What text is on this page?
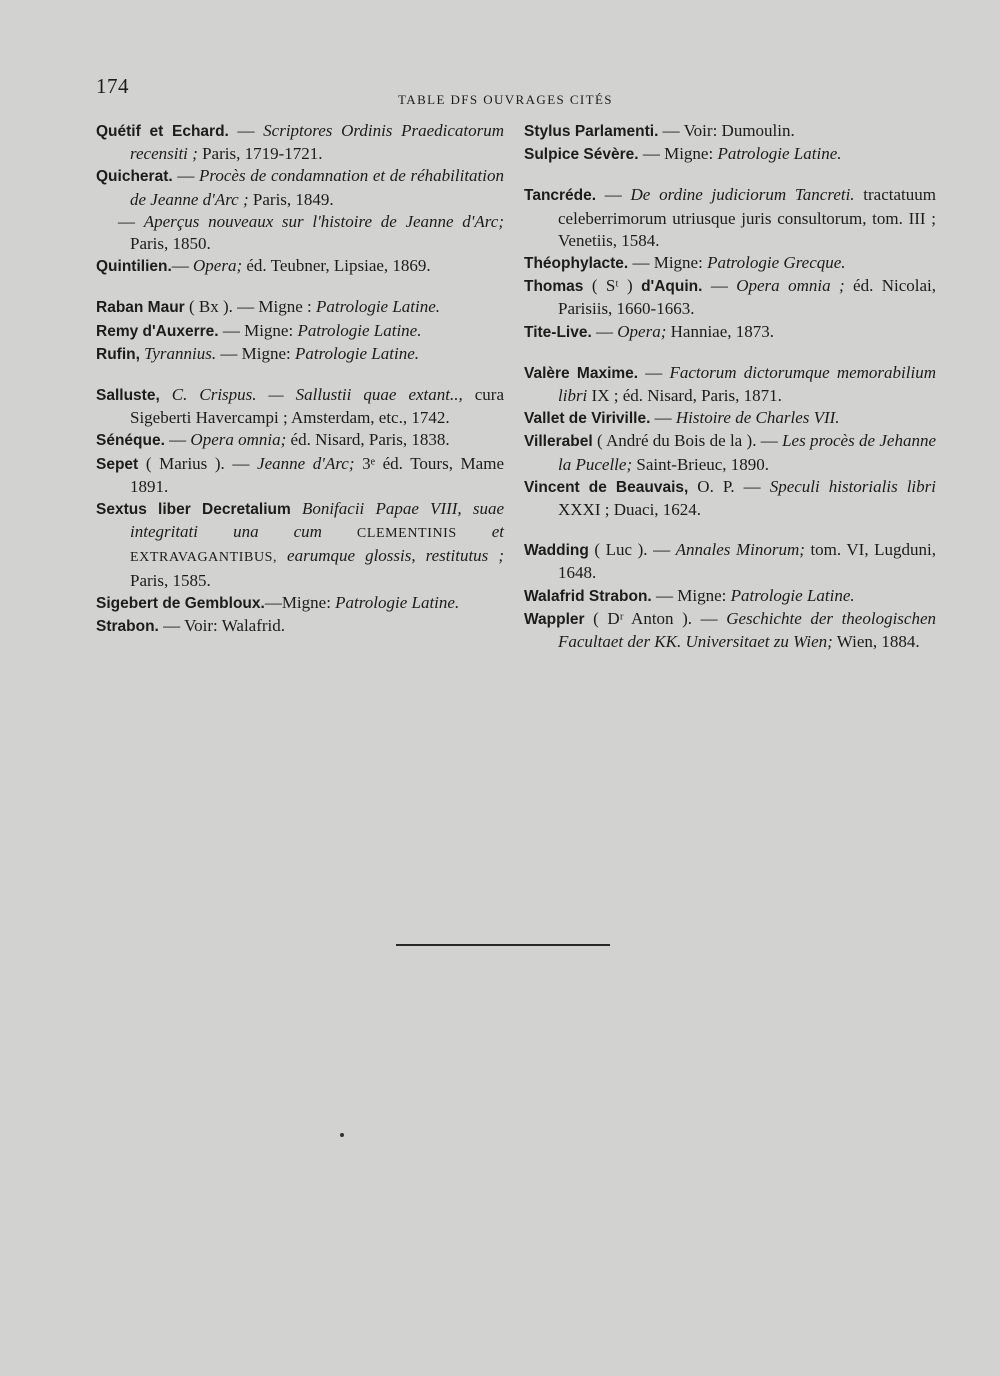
174
TABLE DFS OUVRAGES CITÉS

Quétif et Echard. — Scriptores Ordinis Praedicatorum recensiti ; Paris, 1719-1721.

Quicherat. — Procès de condamnation et de réhabilitation de Jeanne d'Arc ; Paris, 1849.

— Aperçus nouveaux sur l'histoire de Jeanne d'Arc; Paris, 1850.

Quintilien.— Opera; éd. Teubner, Lipsiae, 1869.

Raban Maur ( Bx ). — Migne : Patrologie Latine.

Remy d'Auxerre. — Migne: Patrologie Latine.

Rufin, Tyrannius. — Migne: Patrologie Latine.

Salluste, C. Crispus. — Sallustii quae extant.., cura Sigeberti Havercampi ; Amsterdam, etc., 1742.

Sénéque. — Opera omnia; éd. Nisard, Paris, 1838.

Sepet ( Marius ). — Jeanne d'Arc; 3ᵉ éd. Tours, Mame 1891.

Sextus liber Decretalium Bonifacii Papae VIII, suae integritati una cum CLEMENTINIS et EXTRAVAGANTIBUS, earumque glossis, restitutus ; Paris, 1585.

Sigebert de Gembloux.—Migne: Patrologie Latine.

Strabon. — Voir: Walafrid.

Stylus Parlamenti. — Voir: Dumoulin.

Sulpice Sévère. — Migne: Patrologie Latine.

Tancréde. — De ordine judiciorum Tancreti. tractatuum celeberrimorum utriusque juris consultorum, tom. III ; Venetiis, 1584.

Théophylacte. — Migne: Patrologie Grecque.

Thomas ( Sᵗ ) d'Aquin. — Opera omnia ; éd. Nicolai, Parisiis, 1660-1663.

Tite-Live. — Opera; Hanniae, 1873.

Valère Maxime. — Factorum dictorumque memorabilium libri IX ; éd. Nisard, Paris, 1871.

Vallet de Viriville. — Histoire de Charles VII.

Villerabel ( André du Bois de la ). — Les procès de Jehanne la Pucelle; Saint-Brieuc, 1890.

Vincent de Beauvais, O. P. — Speculi historialis libri XXXI ; Duaci, 1624.

Wadding ( Luc ). — Annales Minorum; tom. VI, Lugduni, 1648.

Walafrid Strabon. — Migne: Patrologie Latine.

Wappler ( Dʳ Anton ). — Geschichte der theologischen Facultaet der KK. Universitaet zu Wien; Wien, 1884.
